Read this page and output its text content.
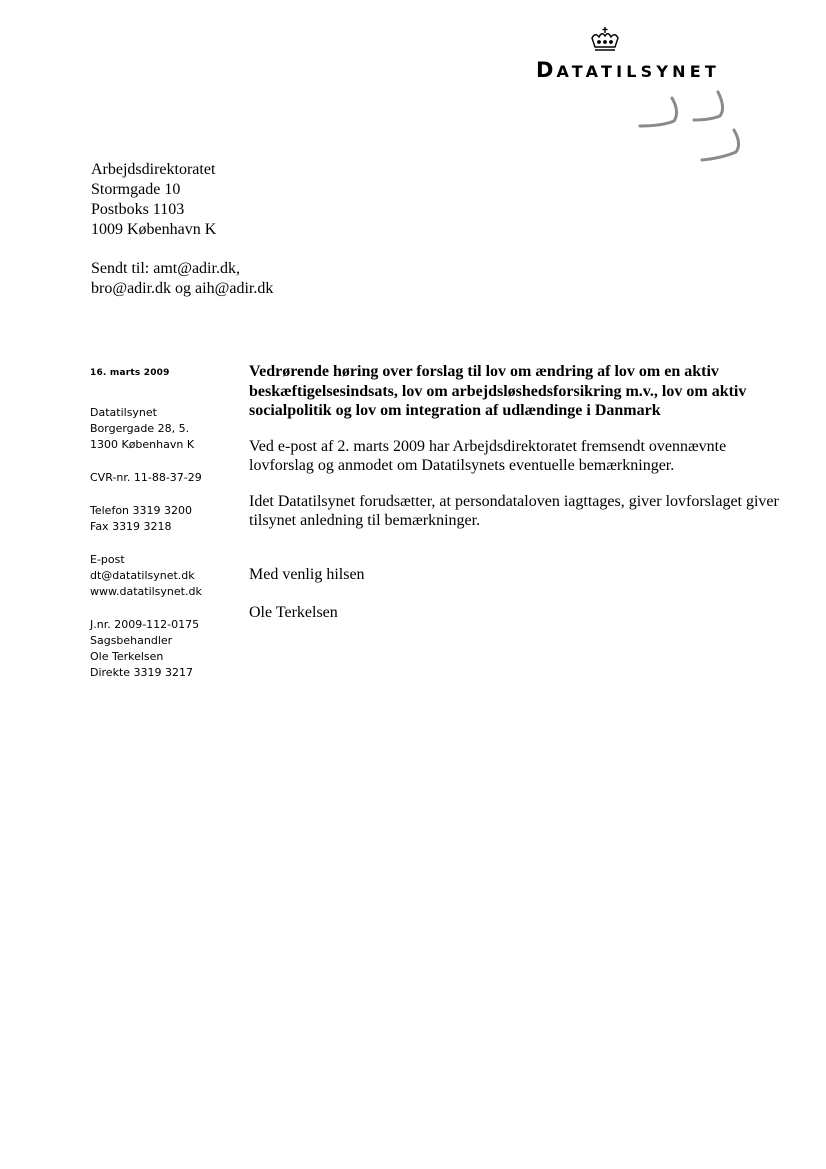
DATATILSYNET
Arbejdsdirektoratet
Stormgade 10
Postboks 1103
1009 København K
Sendt til: amt@adir.dk,
bro@adir.dk og aih@adir.dk
16. marts 2009
Datatilsynet
Borgergade 28, 5.
1300 København K
CVR-nr. 11-88-37-29
Telefon 3319 3200
Fax 3319 3218
E-post
dt@datatilsynet.dk
www.datatilsynet.dk
J.nr. 2009-112-0175
Sagsbehandler
Ole Terkelsen
Direkte 3319 3217

Vedrørende høring over forslag til lov om ændring af lov om en aktiv beskæftigelsesindsats, lov om arbejdsløshedsforsikring m.v., lov om aktiv socialpolitik og lov om integration af udlændinge i Danmark

Ved e-post af 2. marts 2009 har Arbejdsdirektoratet fremsendt ovennævnte lovforslag og anmodet om Datatilsynets eventuelle bemærkninger.

Idet Datatilsynet forudsætter, at persondataloven iagttages, giver lovforslaget giver tilsynet anledning til bemærkninger.

Med venlig hilsen

Ole Terkelsen
